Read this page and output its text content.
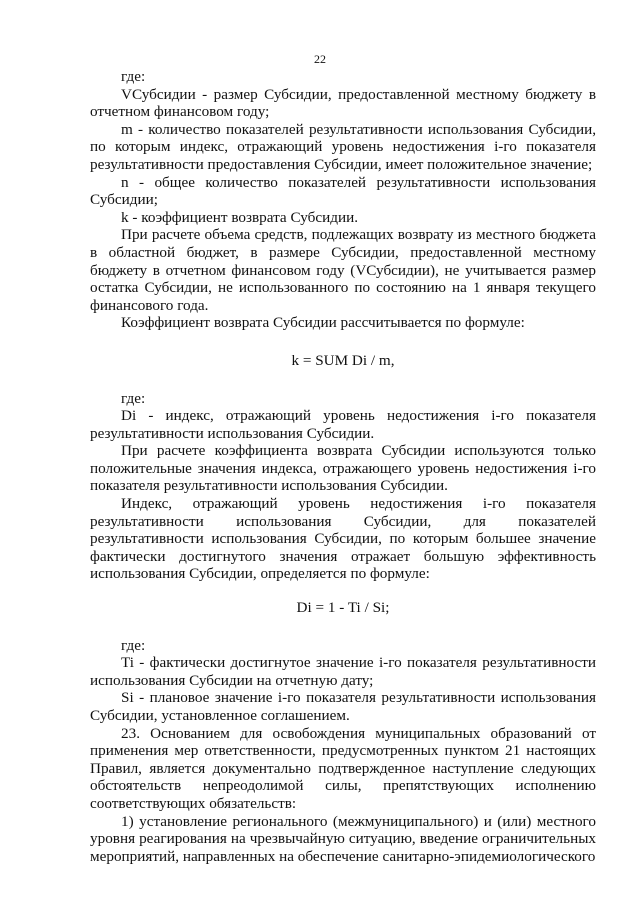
22

где:

VСубсидии - размер Субсидии, предоставленной местному бюджету в отчетном финансовом году;

m - количество показателей результативности использования Субсидии, по которым индекс, отражающий уровень недостижения i-го показателя результативности предоставления Субсидии, имеет положительное значение;

n - общее количество показателей результативности использования Субсидии;

k - коэффициент возврата Субсидии.

При расчете объема средств, подлежащих возврату из местного бюджета в областной бюджет, в размере Субсидии, предоставленной местному бюджету в отчетном финансовом году (VСубсидии), не учитывается размер остатка Субсидии, не использованного по состоянию на 1 января текущего финансового года.

Коэффициент возврата Субсидии рассчитывается по формуле:

k = SUM Di / m,

где:

Di - индекс, отражающий уровень недостижения i-го показателя результативности использования Субсидии.

При расчете коэффициента возврата Субсидии используются только положительные значения индекса, отражающего уровень недостижения i-го показателя результативности использования Субсидии.

Индекс, отражающий уровень недостижения i-го показателя результативности использования Субсидии, для показателей результативности использования Субсидии, по которым большее значение фактически достигнутого значения отражает большую эффективность использования Субсидии, определяется по формуле:

Di = 1 - Ti / Si;

где:

Ti - фактически достигнутое значение i-го показателя результативности использования Субсидии на отчетную дату;

Si - плановое значение i-го показателя результативности использования Субсидии, установленное соглашением.

23. Основанием для освобождения муниципальных образований от применения мер ответственности, предусмотренных пунктом 21 настоящих Правил, является документально подтвержденное наступление следующих обстоятельств непреодолимой силы, препятствующих исполнению соответствующих обязательств:

1) установление регионального (межмуниципального) и (или) местного уровня реагирования на чрезвычайную ситуацию, введение ограничительных мероприятий, направленных на обеспечение санитарно-эпидемиологического
